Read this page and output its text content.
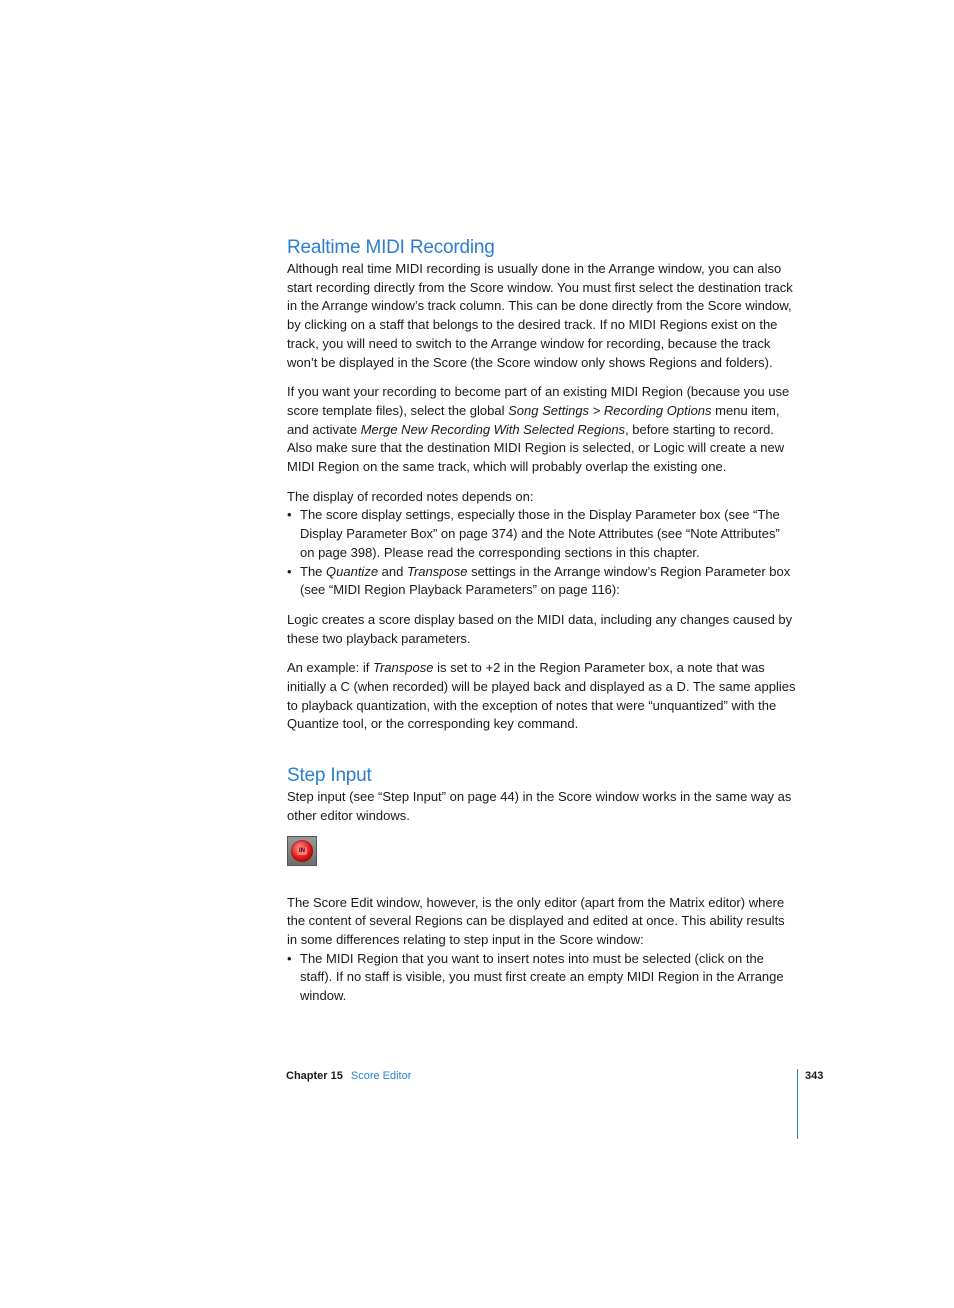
Realtime MIDI Recording

Although real time MIDI recording is usually done in the Arrange window, you can also start recording directly from the Score window. You must first select the destination track in the Arrange window’s track column. This can be done directly from the Score window, by clicking on a staff that belongs to the desired track. If no MIDI Regions exist on the track, you will need to switch to the Arrange window for recording, because the track won’t be displayed in the Score (the Score window only shows Regions and folders).

If you want your recording to become part of an existing MIDI Region (because you use score template files), select the global Song Settings > Recording Options menu item, and activate Merge New Recording With Selected Regions, before starting to record. Also make sure that the destination MIDI Region is selected, or Logic will create a new MIDI Region on the same track, which will probably overlap the existing one.

The display of recorded notes depends on:

• The score display settings, especially those in the Display Parameter box (see “The Display Parameter Box” on page 374) and the Note Attributes (see “Note Attributes” on page 398). Please read the corresponding sections in this chapter.
• The Quantize and Transpose settings in the Arrange window’s Region Parameter box (see “MIDI Region Playback Parameters” on page 116):

Logic creates a score display based on the MIDI data, including any changes caused by these two playback parameters.

An example: if Transpose is set to +2 in the Region Parameter box, a note that was initially a C (when recorded) will be played back and displayed as a D. The same applies to playback quantization, with the exception of notes that were “unquantized” with the Quantize tool, or the corresponding key command.

Step Input

Step input (see “Step Input” on page 44) in the Score window works in the same way as other editor windows.

IN

The Score Edit window, however, is the only editor (apart from the Matrix editor) where the content of several Regions can be displayed and edited at once. This ability results in some differences relating to step input in the Score window:

• The MIDI Region that you want to insert notes into must be selected (click on the staff). If no staff is visible, you must first create an empty MIDI Region in the Arrange window.
Chapter 15 Score Editor	343
